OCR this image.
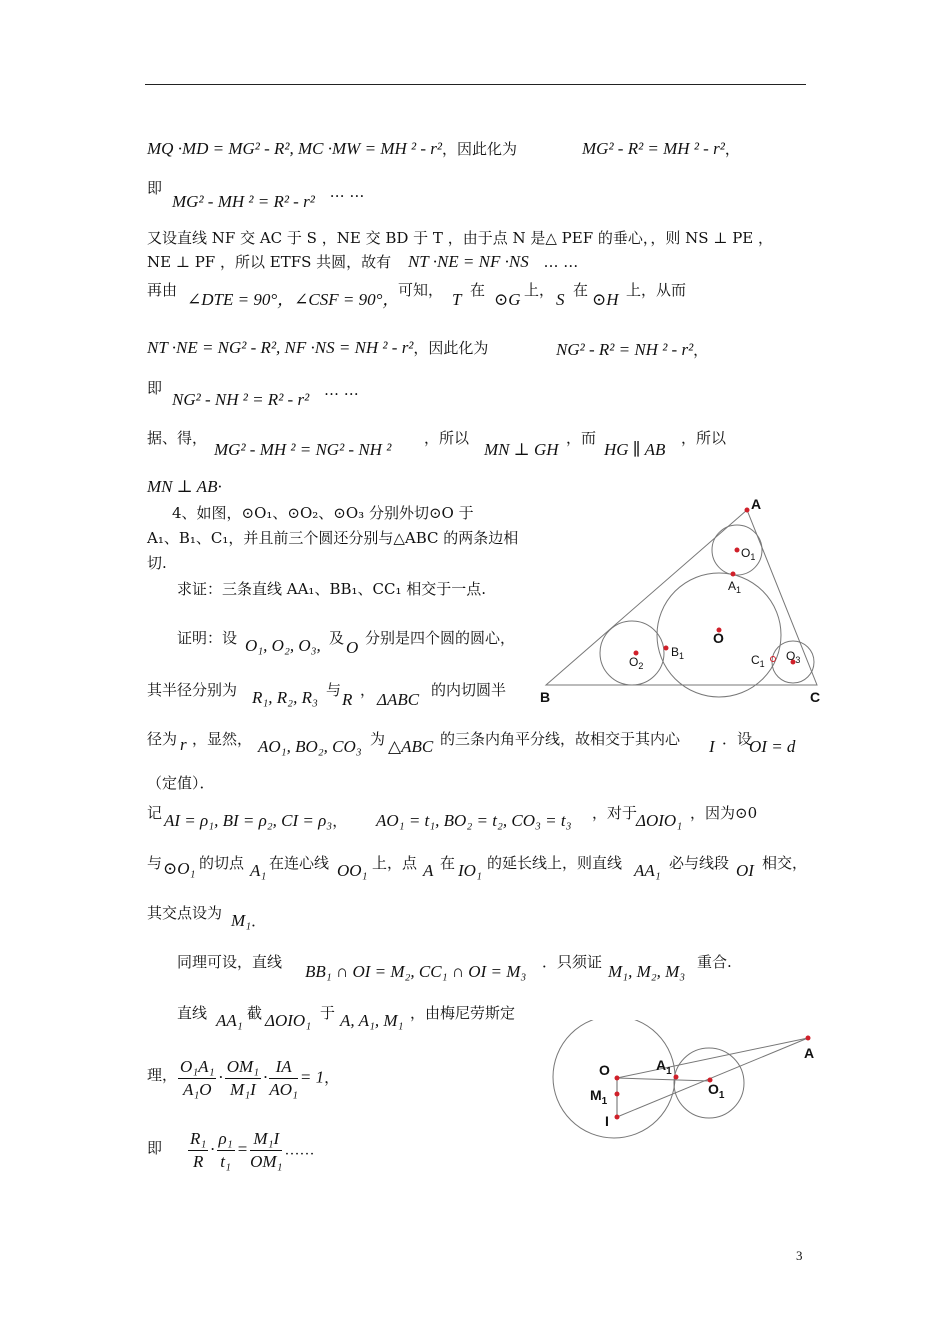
MQ ·MD = MG² - R², MC ·MW = MH ² - r²，因此化为	MG² - R² = MH ² - r²，
即
MG² - MH ² = R² - r² … …
又设直线 NF 交 AC 于 S ，NE 交 BD 于 T ，由于点 N 是△ PEF 的垂心，，则 NS ⊥ PE ，
NE ⊥ PF ，所以 ETFS 共圆，故有 NT ·NE = NF ·NS … …
再由 ∠DTE = 90°，∠CSF = 90°，
可知， T 在 ⊙G 上， S 在 ⊙H 上，从而
NT ·NE = NG² - R², NF ·NS = NH ² - r²，因此化为	NG² - R² = NH ² - r²，
即
NG² - NH ² = R² - r² … …
据、得，
MG² - MH ² = NG² - NH ²
，所以
MN ⊥ GH
，而
HG ∥ AB
，所以
MN ⊥ AB·
4、如图，⊙O₁、⊙O₂、⊙O₃ 分别外切⊙O 于
A₁、B₁、C₁，并且前三个圆还分别与△ABC 的两条边相
切.
求证：三条直线 AA₁、BB₁、CC₁ 相交于一点.
证明：设 O₁, O₂, O₃, 及 O 分别是四个圆的圆心，
其半径分别为 R₁, R₂, R₃ 与 R ， ΔABC 的内切圆半
径为 r ，显然， AO₁, BO₂, CO₃ 为 △ABC 的三条内角平分线，故相交于其内心 I ．设
OI = d
（定值）．
记 AI = ρ₁, BI = ρ₂, CI = ρ₃， AO₁ = t₁, BO₂ = t₂, CO₃ = t₃ ，对于
ΔOIO₁ ，因为⊙0
与 ⊙O₁ 的切点 A₁ 在连心线 OO₁ 上，点 A 在 IO₁ 的延长线上，则直线 AA₁ 必与线段 OI 相交，
其交点设为 M₁．
同理可设，直线 BB₁ ∩ OI = M₂, CC₁ ∩ OI = M₃ ．只须证 M₁, M₂, M₃ 重合.
直线 AA₁ 截 ΔOIO₁ 于 A, A₁, M₁ ，由梅尼劳斯定
理， $\frac{\text{O₁A₁}}{\text{A₁O}} \cdot \frac{\text{OM₁}}{\text{M₁I}} \cdot \frac{IA}{\text{AO₁}} = 1$，
即 $\frac{\text{R₁}}{R} \cdot \frac{\text{ρ₁}}{\text{t₁}} = \frac{\text{M₁I}}{\text{OM₁}}$ ……
A
B	C
O
$O_1$
$A_1$
$B_1$
$O_2$	$C_1$
$O_3$
O
$M_1$
I
$A_1$
$O_1$
A
3
